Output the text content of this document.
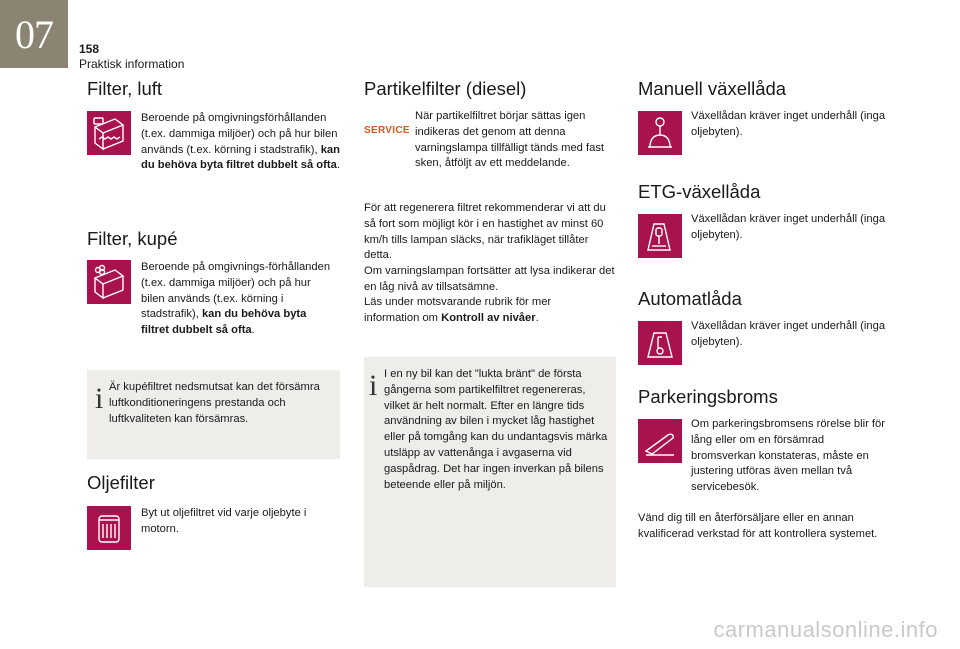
07	158
Praktisk information
Filter, luft

Beroende på omgivningsförhållanden (t.ex. dammiga miljöer) och på hur bilen används (t.ex. körning i stadstrafik), kan du behöva byta filtret dubbelt så ofta.

Filter, kupé

Beroende på omgivnings-förhållanden (t.ex. dammiga miljöer) och på hur bilen används (t.ex. körning i stadstrafik), kan du behöva byta filtret dubbelt så ofta.

i Är kupéfiltret nedsmutsat kan det försämra luftkonditioneringens prestanda och luftkvaliteten kan försämras.

Oljefilter

Byt ut oljefiltret vid varje oljebyte i motorn.

Partikelfilter (diesel)
SERVICE

När partikelfiltret börjar sättas igen indikeras det genom att denna varningslampa tillfälligt tänds med fast sken, åtföljt av ett meddelande.

För att regenerera filtret rekommenderar vi att du så fort som möjligt kör i en hastighet av minst 60 km/h tills lampan släcks, när trafikläget tillåter detta.

Om varningslampan fortsätter att lysa indikerar det en låg nivå av tillsatsämne.

Läs under motsvarande rubrik för mer information om Kontroll av nivåer.

i I en ny bil kan det "lukta bränt" de första gångerna som partikelfiltret regenereras, vilket är helt normalt. Efter en längre tids användning av bilen i mycket låg hastighet eller på tomgång kan du undantagsvis märka utsläpp av vattenånga i avgaserna vid gaspådrag. Det har ingen inverkan på bilens beteende eller på miljön.

Manuell växellåda

Växellådan kräver inget underhåll (inga oljebyten).

ETG-växellåda

Växellådan kräver inget underhåll (inga oljebyten).

Automatlåda

Växellådan kräver inget underhåll (inga oljebyten).

Parkeringsbroms

Om parkeringsbromsens rörelse blir för lång eller om en försämrad bromsverkan konstateras, måste en justering utföras även mellan två servicebesök.

Vänd dig till en återförsäljare eller en annan kvalificerad verkstad för att kontrollera systemet.

carmanualsonline.info
